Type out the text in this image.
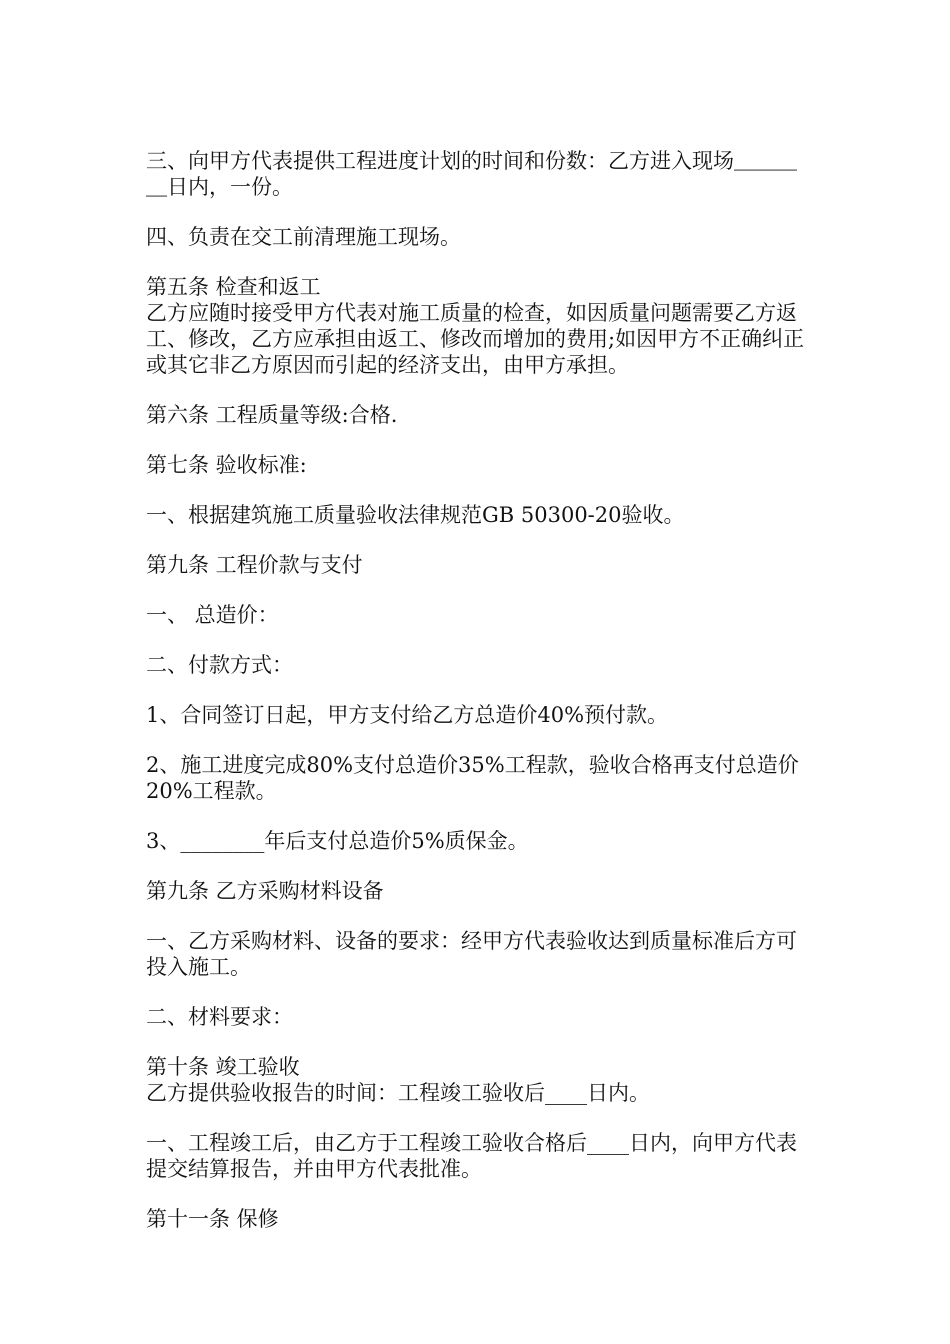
三、向甲方代表提供工程进度计划的时间和份数：乙方进入现场＿＿＿＿日内，一份。

四、负责在交工前清理施工现场。

第五条 检查和返工

乙方应随时接受甲方代表对施工质量的检查，如因质量问题需要乙方返工、修改，乙方应承担由返工、修改而增加的费用;如因甲方不正确纠正或其它非乙方原因而引起的经济支出，由甲方承担。

第六条 工程质量等级:合格.

第七条 验收标准:

一、根据建筑施工质量验收法律规范GB 50300-20验收。

第九条 工程价款与支付

一、 总造价：

二、付款方式：

1、合同签订日起，甲方支付给乙方总造价40%预付款。

2、施工进度完成80%支付总造价35%工程款，验收合格再支付总造价20%工程款。

3、________年后支付总造价5%质保金。

第九条 乙方采购材料设备

一、乙方采购材料、设备的要求：经甲方代表验收达到质量标准后方可投入施工。

二、材料要求：

第十条 竣工验收

乙方提供验收报告的时间：工程竣工验收后____日内。

一、工程竣工后，由乙方于工程竣工验收合格后____日内，向甲方代表提交结算报告，并由甲方代表批准。

第十一条 保修
